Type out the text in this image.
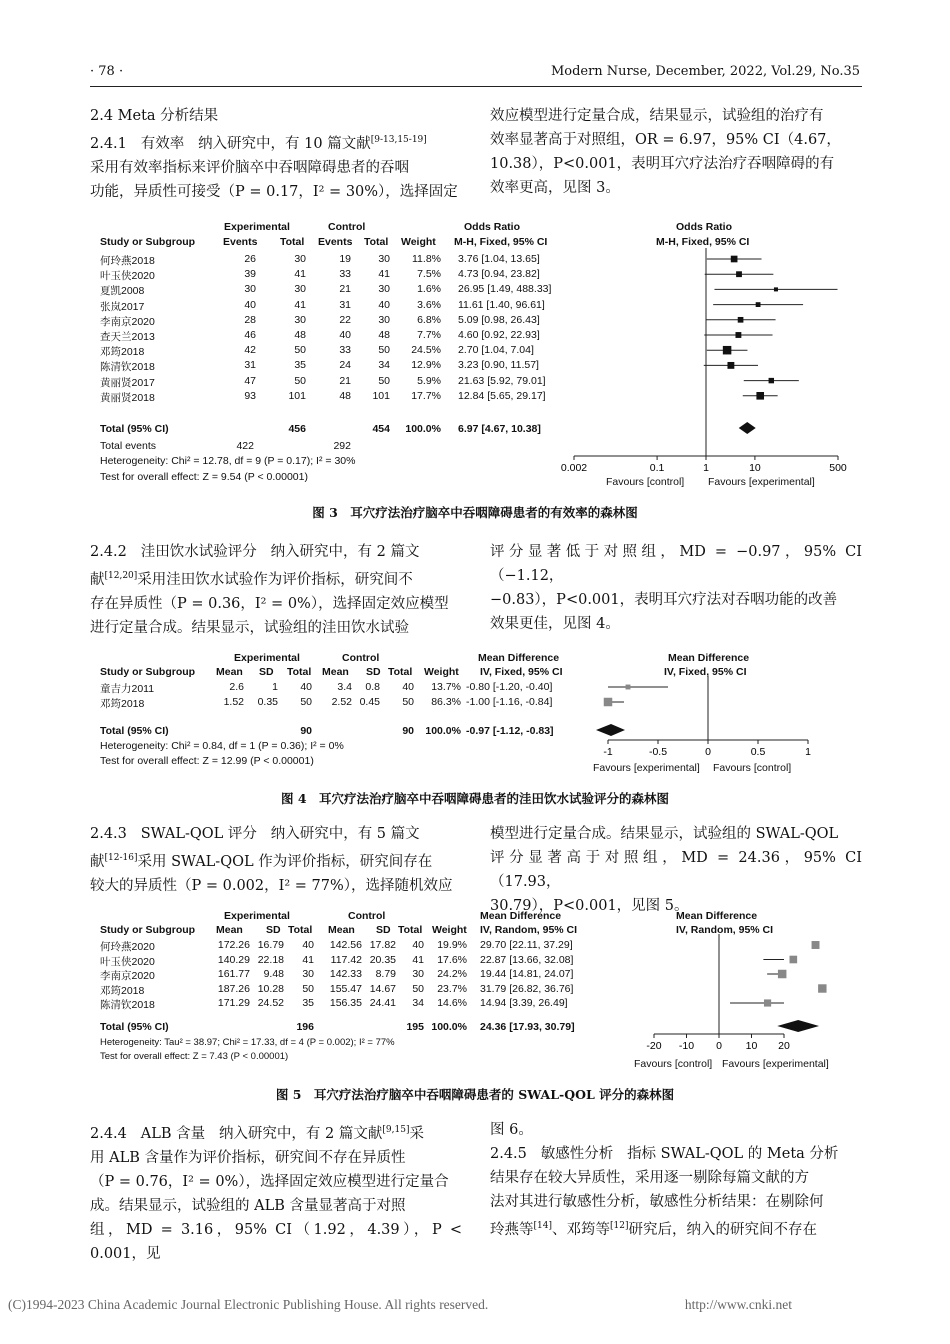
· 78 ·	Modern Nurse, December, 2022, Vol.29, No.35

2.4 Meta 分析结果

2.4.1 有效率 纳入研究中，有 10 篇文献[9-13,15-19]

采用有效率指标来评价脑卒中吞咽障碍患者的吞咽

功能，异质性可接受（P = 0.17，I² = 30%），选择固定

效应模型进行定量合成，结果显示，试验组的治疗有

效率显著高于对照组，OR = 6.97，95% CI（4.67，

10.38），P<0.001，表明耳穴疗法治疗吞咽障碍的有

效率更高，见图 3。

Experimental	Control	Odds Ratio	Odds Ratio
Study or Subgroup	Events Total Events Total Weight M-H, Fixed, 95% CI	M-H, Fixed, 95% CI
何玲燕2018	26	30	19	30	11.8% 3.76 [1.04, 13.65]
叶玉侠2020	39	41	33	41	7.5% 4.73 [0.94, 23.82]
夏凯2008	30	30	21	30	1.6% 26.95 [1.49, 488.33]
张岚2017	40	41	31	40	3.6% 11.61 [1.40, 96.61]
李南京2020	28	30	22	30	6.8% 5.09 [0.98, 26.43]
查天兰2013	46	48	40	48	7.7% 4.60 [0.92, 22.93]
邓筠2018	42	50	33	50	24.5% 2.70 [1.04, 7.04]
陈清钦2018	31	35	24	34	12.9% 3.23 [0.90, 11.57]
黄丽贤2017	47	50	21	50	5.9% 21.63 [5.92, 79.01]
黄丽贤2018	93	101	48	101	17.7% 12.84 [5.65, 29.17]
Total (95% CI)	456	454	100.0% 6.97 [4.67, 10.38]
Total events	422	292
Heterogeneity: Chi² = 12.78, df = 9 (P = 0.17); I² = 30%
Test for overall effect: Z = 9.54 (P < 0.00001)
0.002	0.1	1	10	500
Favours [control] Favours [experimental]
图 3　耳穴疗法治疗脑卒中吞咽障碍患者的有效率的森林图

2.4.2 洼田饮水试验评分 纳入研究中，有 2 篇文

献[12,20]采用洼田饮水试验作为评价指标，研究间不

存在异质性（P = 0.36，I² = 0%），选择固定效应模型

进行定量合成。结果显示，试验组的洼田饮水试验

评分显著低于对照组，MD = −0.97，95% CI（−1.12，

−0.83），P<0.001，表明耳穴疗法对吞咽功能的改善

效果更佳，见图 4。

Experimental	Control	Mean Difference	Mean Difference
Study or Subgroup Mean SD Total Mean SD Total Weight IV, Fixed, 95% CI	IV, Fixed, 95% CI
童吉力2011	2.6	1	40	3.4	0.8	40	13.7% -0.80 [-1.20, -0.40]
邓筠2018	1.52	0.35	50	2.52 0.45	50	86.3% -1.00 [-1.16, -0.84]
Total (95% CI)	90	90	100.0% -0.97 [-1.12, -0.83]
Heterogeneity: Chi² = 0.84, df = 1 (P = 0.36); I² = 0%
Test for overall effect: Z = 12.99 (P < 0.00001)
-1	-0.5	0	0.5	1
Favours [experimental] Favours [control]
图 4　耳穴疗法治疗脑卒中吞咽障碍患者的洼田饮水试验评分的森林图

2.4.3 SWAL-QOL 评分 纳入研究中，有 5 篇文

献[12-16]采用 SWAL-QOL 作为评价指标，研究间存在

较大的异质性（P = 0.002，I² = 77%），选择随机效应

模型进行定量合成。结果显示，试验组的 SWAL-QOL

评分显著高于对照组，MD = 24.36，95% CI（17.93，

30.79），P<0.001，见图 5。

Experimental	Control	Mean Difference	Mean Difference
Study or Subgroup Mean SD Total Mean SD Total Weight IV, Random, 95% CI	IV, Random, 95% CI
何玲燕2020	172.26 16.79	40	142.56 17.82	40	19.9% 29.70 [22.11, 37.29]
叶玉侠2020	140.29 22.18	41	117.42 20.35	41	17.6% 22.87 [13.66, 32.08]
李南京2020	161.77	9.48	30	142.33	8.79	30	24.2% 19.44 [14.81, 24.07]
邓筠2018	187.26 10.28	50	155.47 14.67	50	23.7% 31.79 [26.82, 36.76]
陈清钦2018	171.29 24.52	35	156.35 24.41	34	14.6% 14.94 [3.39, 26.49]
Total (95% CI)	196	195 100.0% 24.36 [17.93, 30.79]
Heterogeneity: Tau² = 38.97; Chi² = 17.33, df = 4 (P = 0.002); I² = 77%
Test for overall effect: Z = 7.43 (P < 0.00001)
-20 -10 0 10 20
Favours [control] Favours [experimental]
图 5　耳穴疗法治疗脑卒中吞咽障碍患者的 SWAL-QOL 评分的森林图

2.4.4 ALB 含量 纳入研究中，有 2 篇文献[9,15]采

用 ALB 含量作为评价指标，研究间不存在异质性

（P = 0.76，I² = 0%），选择固定效应模型进行定量合

成。结果显示，试验组的 ALB 含量显著高于对照

组，MD = 3.16，95% CI（1.92，4.39），P < 0.001，见

图 6。

2.4.5 敏感性分析 指标 SWAL-QOL 的 Meta 分析

结果存在较大异质性，采用逐一剔除每篇文献的方

法对其进行敏感性分析，敏感性分析结果：在剔除何

玲燕等[14]、邓筠等[12]研究后，纳入的研究间不存在

(C)1994-2023 China Academic Journal Electronic Publishing House. All rights reserved.	http://www.cnki.net
